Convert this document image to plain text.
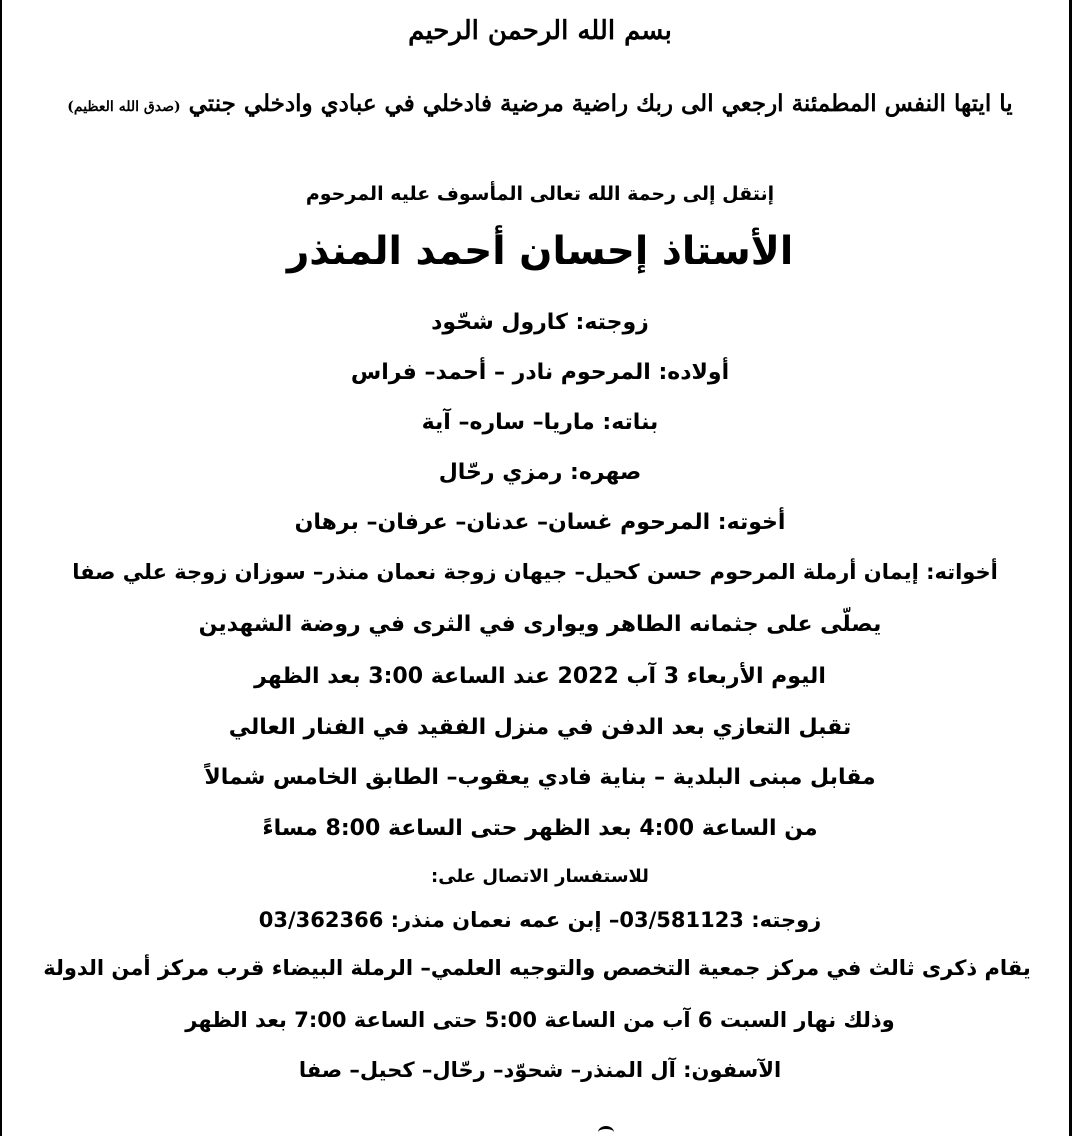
بسم الله الرحمن الرحيم
يا ايتها النفس المطمئنة ارجعي الى ربك راضية مرضية فادخلي في عبادي وادخلي جنتي (صدق الله العظيم)
إنتقل إلى رحمة الله تعالى المأسوف عليه المرحوم
الأستاذ إحسان أحمد المنذر
زوجته: كارول شحّود
أولاده: المرحوم نادر – أحمد– فراس
بناته: ماريا– ساره– آية
صهره: رمزي رحّال
أخوته: المرحوم غسان– عدنان– عرفان– برهان
أخواته: إيمان أرملة المرحوم حسن كحيل– جيهان زوجة نعمان منذر– سوزان زوجة علي صفا
يصلّى على جثمانه الطاهر ويوارى في الثرى في روضة الشهدين
اليوم الأربعاء 3 آب 2022 عند الساعة 3:00 بعد الظهر
تقبل التعازي بعد الدفن في منزل الفقيد في الفنار العالي
مقابل مبنى البلدية – بناية فادي يعقوب– الطابق الخامس شمالاً
من الساعة 4:00 بعد الظهر حتى الساعة 8:00 مساءً
للاستفسار الاتصال على:
زوجته: 03/581123– إبن عمه نعمان منذر: 03/362366
يقام ذكرى ثالث في مركز جمعية التخصص والتوجيه العلمي– الرملة البيضاء قرب مركز أمن الدولة
وذلك نهار السبت 6 آب من الساعة 5:00 حتى الساعة 7:00 بعد الظهر
الآسفون: آل المنذر– شحوّد– رحّال– كحيل– صفا
